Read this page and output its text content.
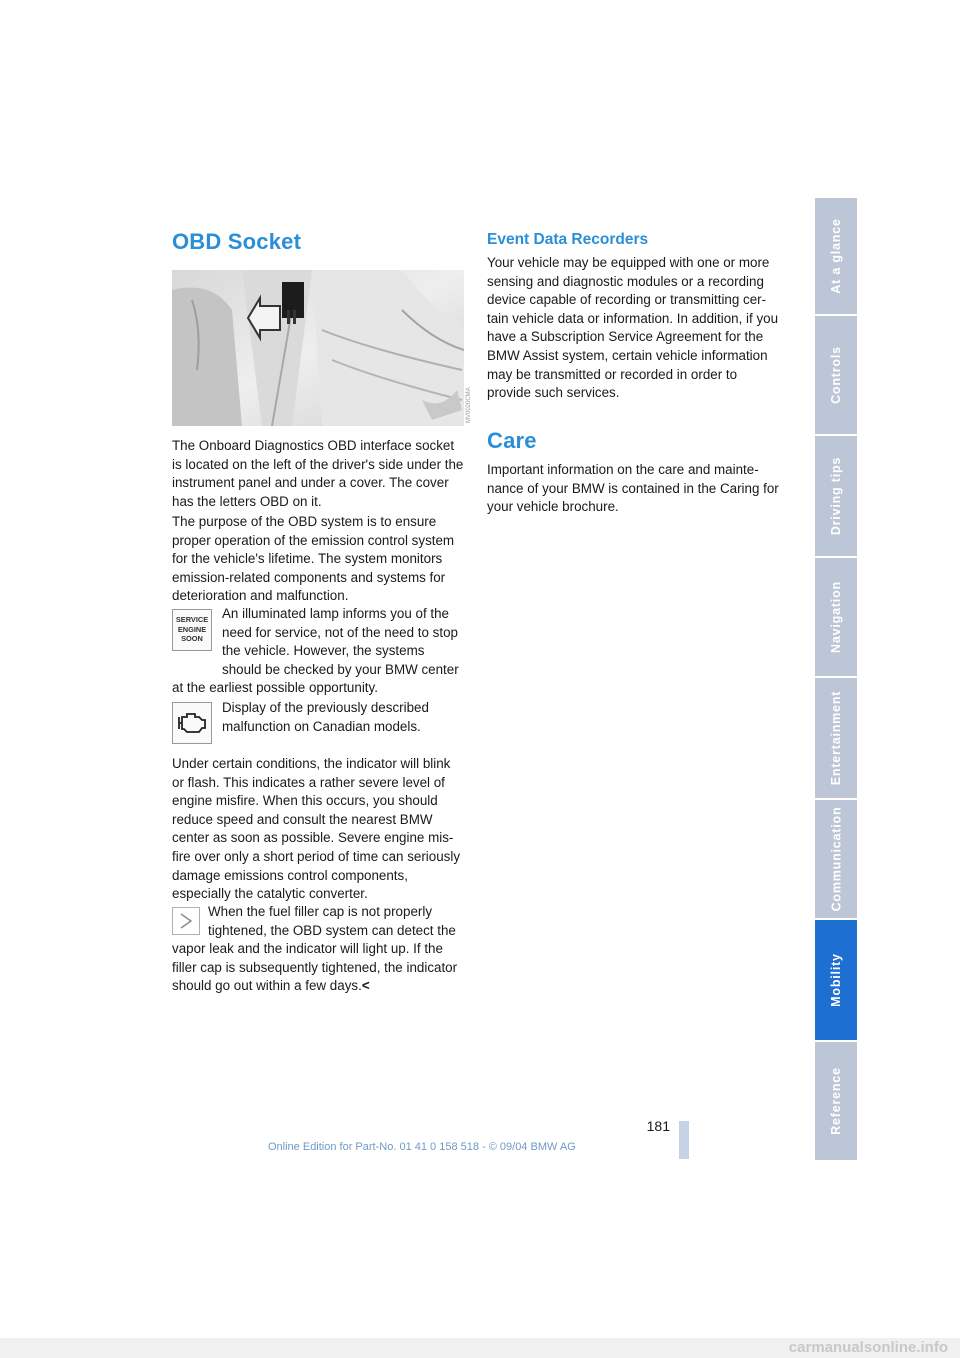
At a glance
Controls
Driving tips
Navigation
Entertainment
Communication
Mobility
Reference
OBD Socket
MV0020CMA

The Onboard Diagnostics OBD interface socket is located on the left of the driver's side under the instrument panel and under a cover. The cover has the letters OBD on it.

The purpose of the OBD system is to ensure proper operation of the emission control system for the vehicle's lifetime. The system monitors emission-related components and systems for deterioration and malfunction.

SERVICE
ENGINE
SOON
An illuminated lamp informs you of the need for service, not of the need to stop the vehicle. However, the systems should be checked by your BMW center at the earliest possible opportunity.
Display of the previously described malfunction on Canadian models.

Under certain conditions, the indicator will blink or flash. This indicates a rather severe level of engine misfire. When this occurs, you should reduce speed and consult the nearest BMW center as soon as possible. Severe engine misfire over only a short period of time can seriously damage emissions control components, especially the catalytic converter.

When the fuel filler cap is not properly tightened, the OBD system can detect the vapor leak and the indicator will light up. If the filler cap is subsequently tightened, the indicator should go out within a few days.<
Event Data Recorders

Your vehicle may be equipped with one or more sensing and diagnostic modules or a recording device capable of recording or transmitting certain vehicle data or information. In addition, if you have a Subscription Service Agreement for the BMW Assist system, certain vehicle information may be transmitted or recorded in order to provide such services.

Care

Important information on the care and maintenance of your BMW is contained in the Caring for your vehicle brochure.

181
Online Edition for Part-No. 01 41 0 158 518 - © 09/04 BMW AG
carmanualsonline.info
